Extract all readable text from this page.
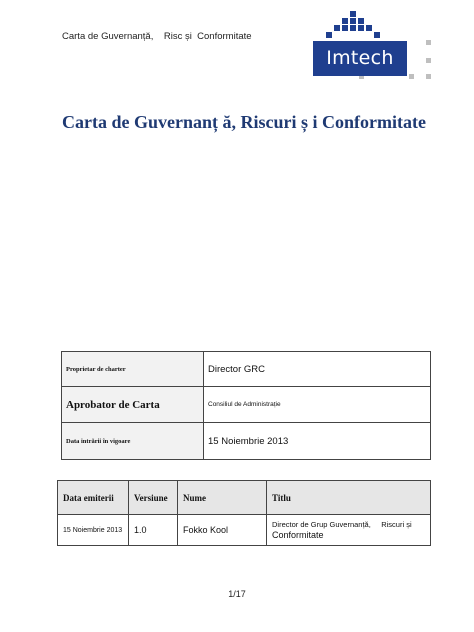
Carta de Guvernanță,    Risc și  Conformitate
Imtech
Carta de Guvernanț ă, Riscuri ș i Conformitate
Proprietar de charter	Director GRC
Aprobator de Carta	Consiliul de Administrație
Data intrării în vigoare	15 Noiembrie 2013
Data emiterii	Versiune	Nume	Titlu
15 Noiembrie 2013	1.0	Fokko Kool	Director de Grup Guvernanță,     Riscuri și
Conformitate
1/17
